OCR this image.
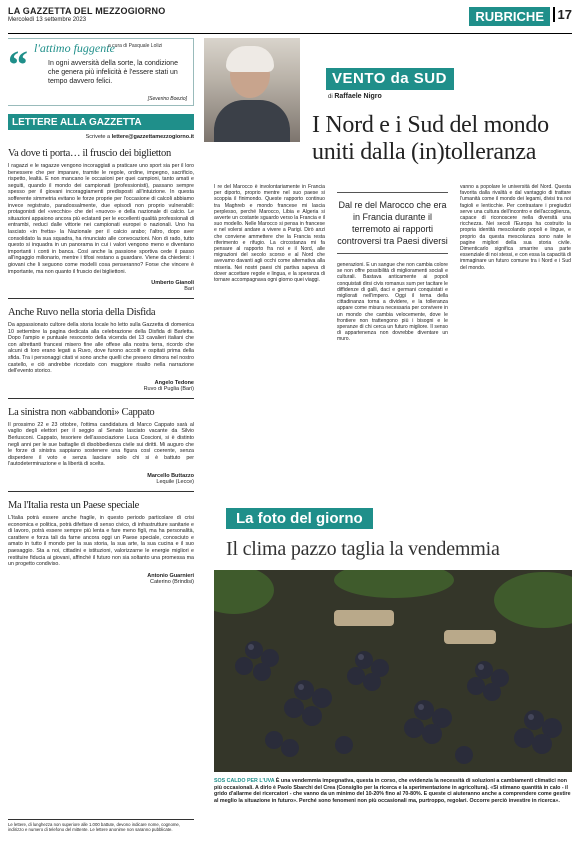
LA GAZZETTA DEL MEZZOGIORNO
Mercoledì 13 settembre 2023	RUBRICHE	17
“ l'attimo fuggente
a cura di Pasquale Lolizi
In ogni avversità della sorte, la condizione che genera più infelicità è l'essere stati un tempo davvero felici.
[Severino Boezio]
LETTERE ALLA GAZZETTA
Scrivete a lettere@gazzettamezzogiorno.it
Va dove ti porta… il fruscio dei biglietton
I ragazzi e le ragazze vengono incoraggiati a praticare uno sport sia per il loro benessere che per imparare, tramite le regole, ordine, impegno, sacrificio, rispetto, lealtà. E non mancano le occasioni per quei campioni, tanto amati e seguiti, quando il mondo dei campionati (professionisti), passano sempre spesso per il giovani incoraggiamenti predisposti all'intuizione. In questa sofferente simmetria evitano le forze proprie per l'occasione di calcoli abbiamo invece registrato, paradossalmente, due episodi non proprio vulnerabili: protagonisti del «vecchio» che del «nuovo» e della nazionale di calcio. Le situazioni appaiono ancora più eclatanti per le eccellenti qualità professionali di entrambi, reduci dalle vittorie nei campionati europei o nazionali. Uno ha lasciato «in fretta» la Nazionale per il calcio arabo; l'altro, dopo aver consolidato la sua squadra, ha rinunciato alle convocazioni. Non di rado, tutto questo si inquadra in un panorama in cui i valori vengono meno e diventano importanti i conti in banca. Così anche la passione sportiva cede il passo all'ingaggio milionario, mentre i tifosi restano a guardare. Viene da chiedersi: i giovani che li seguono come modelli cosa penseranno? Forse che vincere è importante, ma non quanto il fruscio dei bigliettoni.
Umberto Gianoli
Bari
Anche Ruvo nella storia della Disfida
Da appassionato cultore della storia locale ho letto sulla Gazzetta di domenica 10 settembre la pagina dedicata alla celebrazione della Disfida di Barletta. Dopo l'ampio e puntuale resoconto della vicenda dei 13 cavalieri italiani che con altrettanti francesi misero fine alle offese alla nostra terra, ricordo che alcuni di loro erano legati a Ruvo, dove furono accolti e ospitati prima della sfida. Tra i personaggi citati vi sono anche quelli che presero dimora nel nostro castello, e ciò andrebbe ricordato con maggiore risalto nella narrazione dell'evento storico.
Angelo Tedone
Ruvo di Puglia (Bari)
La sinistra non «abbandoni» Cappato
Il prossimo 22 e 23 ottobre, l'ottima candidatura di Marco Cappato sarà al vaglio degli elettori per il seggio al Senato lasciato vacante da Silvio Berlusconi. Cappato, tesoriere dell'associazione Luca Coscioni, si è distinto negli anni per le sue battaglie di disobbedienza civile sui diritti. Mi auguro che le forze di sinistra sappiano sostenere una figura così coerente, senza disperdere il voto e senza lasciare solo chi si è battuto per l'autodeterminazione e la libertà di scelta.
Marcello Buttazzo
Lequile (Lecce)
Ma l'Italia resta un Paese speciale
L'Italia potrà essere anche fragile, in questo periodo particolare di crisi economica e politica, potrà difettare di senso civico, di infrastrutture sanitarie e di lavoro, potrà essere sempre più lenta e fare meno figli, ma ha personalità, carattere e forza tali da farne ancora oggi un Paese speciale, conosciuto e amato in tutto il mondo per la sua storia, la sua arte, la sua cucina e il suo paesaggio. Sta a noi, cittadini e istituzioni, valorizzarne le energie migliori e restituire fiducia ai giovani, affinché il futuro non sia soltanto una promessa ma un progetto condiviso.
Antonio Guarnieri
Caterino (Brindisi)
Le lettere, di lunghezza non superiore alle 1.000 battute, devono indicare nome, cognome, indirizzo e numero di telefono del mittente. Le lettere anonime non saranno pubblicate.
VENTO da SUD
di Raffaele Nigro
I Nord e i Sud del mondo uniti dalla (in)tolleranza
I re del Marocco è involontariamente in Francia per diporto, proprio mentre nel suo paese si scoppia il finimondo. Queste rapporto continuo tra Maghreb e mondo francese mi lascia perplesso, perché Marocco, Libia e Algeria si avverte un costante sguardo verso la Francia e il suo modello. Nelle Marocco si pensa in francese e nel volersi andare a vivere a Parigi. Dirò anzi che conviene ammettere che la Francia resta riferimento e rifugio. La circostanza mi fa pensare al rapporto fra noi e il Nord, alle migrazioni del secolo scorso e al Nord che avevamo davanti agli occhi come alternativa alla miseria. Nei nostri paesi chi partiva sapeva di dover accettare regole e lingua, e la speranza di tornare accompagnava ogni giorno quei viaggi.
Dal re del Marocco che era in Francia durante il terremoto ai rapporti controversi tra Paesi diversi
generazioni. E un sangue che non cambia colore se non offre possibilità di miglioramenti sociali e culturali. Bastava anticamente ai popoli conquistati dirsi civis romanus sum per tacitare le diffidenze di galli, daci e germani conquistati e migliorati nell'impero. Oggi il tema della cittadinanza torna a dividere, e la tolleranza appare come misura necessaria per convivere in un mondo che cambia velocemente, dove le frontiere non trattengono più i bisogni e le speranze di chi cerca un futuro migliore. Il senso di appartenenza non dovrebbe diventare un muro.
vanno a popolare le università del Nord. Questa favorita dalla rivalità e dal vantaggio di trattare l'umanità come il mondo dei legami, divisi tra noi fagioli e lenticchie. Per contrastare i pregiudizi serve una cultura dell'incontro e dell'accoglienza, capace di riconoscere nella diversità una ricchezza. Nei secoli l'Europa ha costruito la propria identità mescolando popoli e lingue, e proprio da questa mescolanza sono nate le pagine migliori della sua storia civile. Dimenticarlo significa smarrire una parte essenziale di noi stessi, e con essa la capacità di immaginare un futuro comune tra i Nord e i Sud del mondo.
La foto del giorno
Il clima pazzo taglia la vendemmia
SOS CALDO PER L'UVA È una vendemmia impegnativa, questa in corso, che evidenzia la necessità di soluzioni a cambiamenti climatici non più occasionali. A dirlo è Paolo Sbarchi del Crea (Consiglio per la ricerca e la sperimentazione in agricoltura). «Si stimano quantità in calo - il grido d'allarme dei ricercatori - che vanno da un minimo del 10-20% fino al 70-80%. E queste ci aiuteranno anche a comprendere come gestire al meglio la situazione in futuro». Perché sono fenomeni non più occasionali ma, purtroppo, regolari. Occorre perciò investire in ricerca».
